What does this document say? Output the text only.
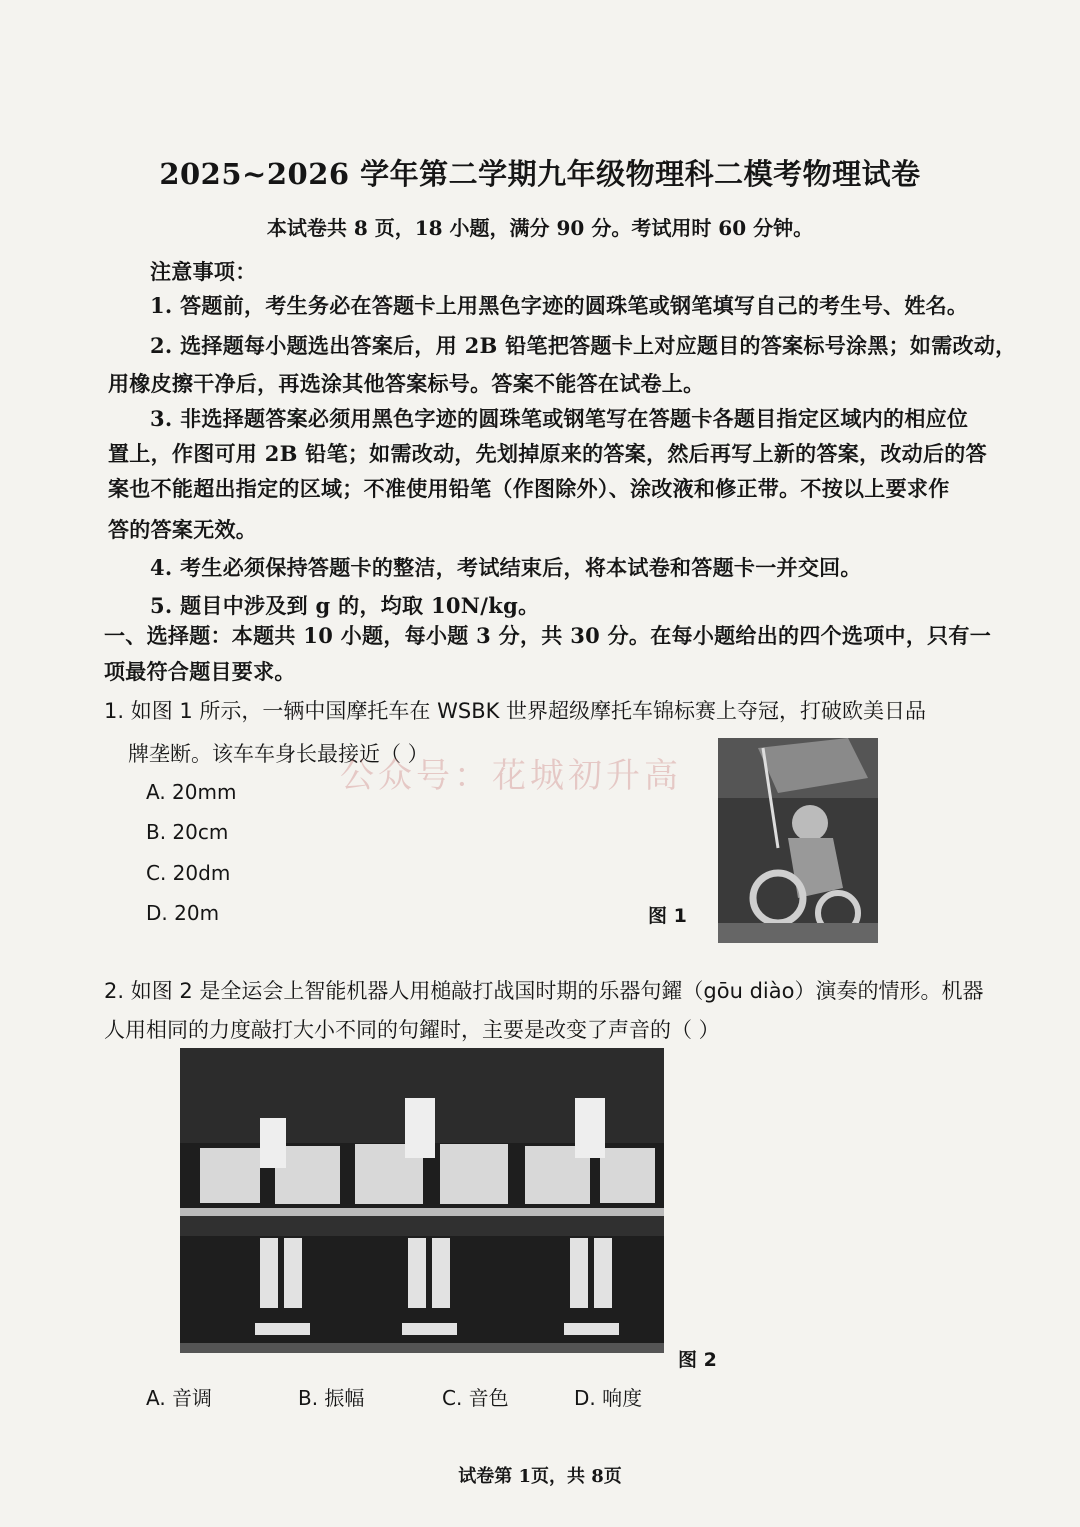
2025~2026 学年第二学期九年级物理科二模考物理试卷
本试卷共 8 页，18 小题，满分 90 分。考试用时 60 分钟。
注意事项：
1. 答题前，考生务必在答题卡上用黑色字迹的圆珠笔或钢笔填写自己的考生号、姓名。
2. 选择题每小题选出答案后，用 2B 铅笔把答题卡上对应题目的答案标号涂黑；如需改动，
用橡皮擦干净后，再选涂其他答案标号。答案不能答在试卷上。
3. 非选择题答案必须用黑色字迹的圆珠笔或钢笔写在答题卡各题目指定区域内的相应位
置上，作图可用 2B 铅笔；如需改动，先划掉原来的答案，然后再写上新的答案，改动后的答
案也不能超出指定的区域；不准使用铅笔（作图除外）、涂改液和修正带。不按以上要求作
答的答案无效。
4. 考生必须保持答题卡的整洁，考试结束后，将本试卷和答题卡一并交回。
5. 题目中涉及到 g 的，均取 10N/kg。
一、选择题：本题共 10 小题，每小题 3 分，共 30 分。在每小题给出的四个选项中，只有一
项最符合题目要求。
1. 如图 1 所示，一辆中国摩托车在 WSBK 世界超级摩托车锦标赛上夺冠，打破欧美日品
牌垄断。该车车身长最接近（ ）
公众号：花城初升高
A. 20mm
B. 20cm
C. 20dm
D. 20m	图 1
2. 如图 2 是全运会上智能机器人用槌敲打战国时期的乐器句鑃（gōu diào）演奏的情形。机器
人用相同的力度敲打大小不同的句鑃时，主要是改变了声音的（ ）
图 2
A. 音调	B. 振幅	C. 音色	D. 响度
试卷第 1页，共 8页
